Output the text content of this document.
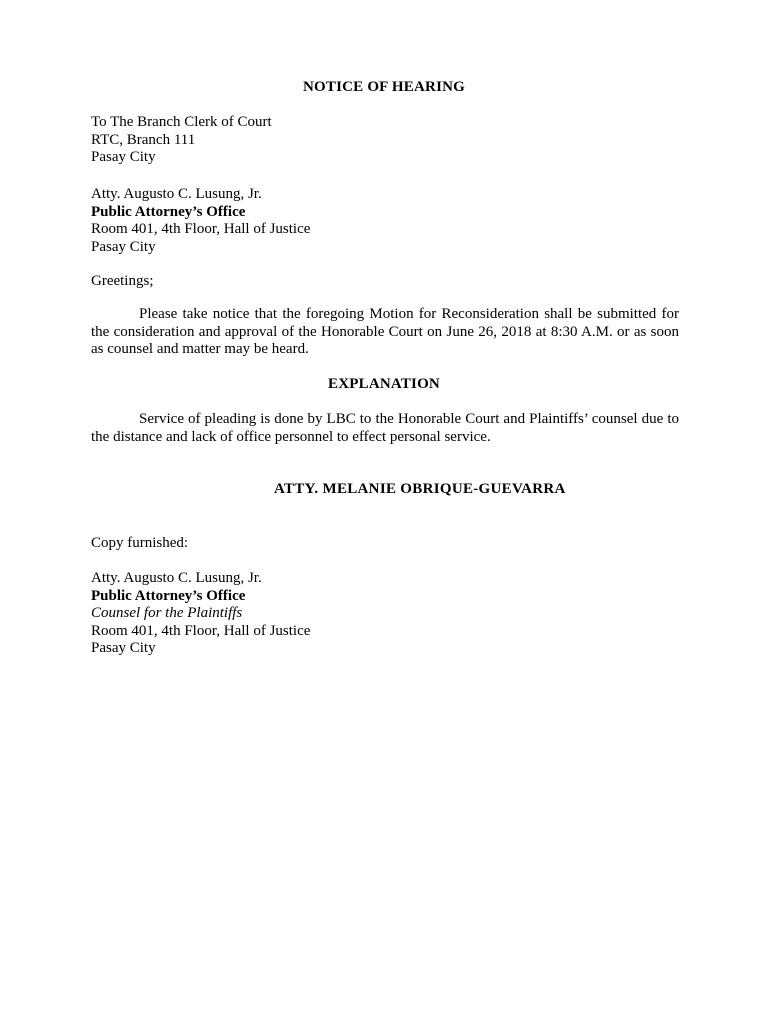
NOTICE OF HEARING
To The Branch Clerk of Court
RTC, Branch 111
Pasay City
Atty. Augusto C. Lusung, Jr.
Public Attorney’s Office
Room 401, 4th Floor, Hall of Justice
Pasay City
Greetings;
Please take notice that the foregoing Motion for Reconsideration shall be submitted for the consideration and approval of the Honorable Court on June 26, 2018 at 8:30 A.M. or as soon as counsel and matter may be heard.
EXPLANATION
Service of pleading is done by LBC to the Honorable Court and Plaintiffs’ counsel due to the distance and lack of office personnel to effect personal service.
ATTY. MELANIE OBRIQUE-GUEVARRA
Copy furnished:
Atty. Augusto C. Lusung, Jr.
Public Attorney’s Office
Counsel for the Plaintiffs
Room 401, 4th Floor, Hall of Justice
Pasay City
